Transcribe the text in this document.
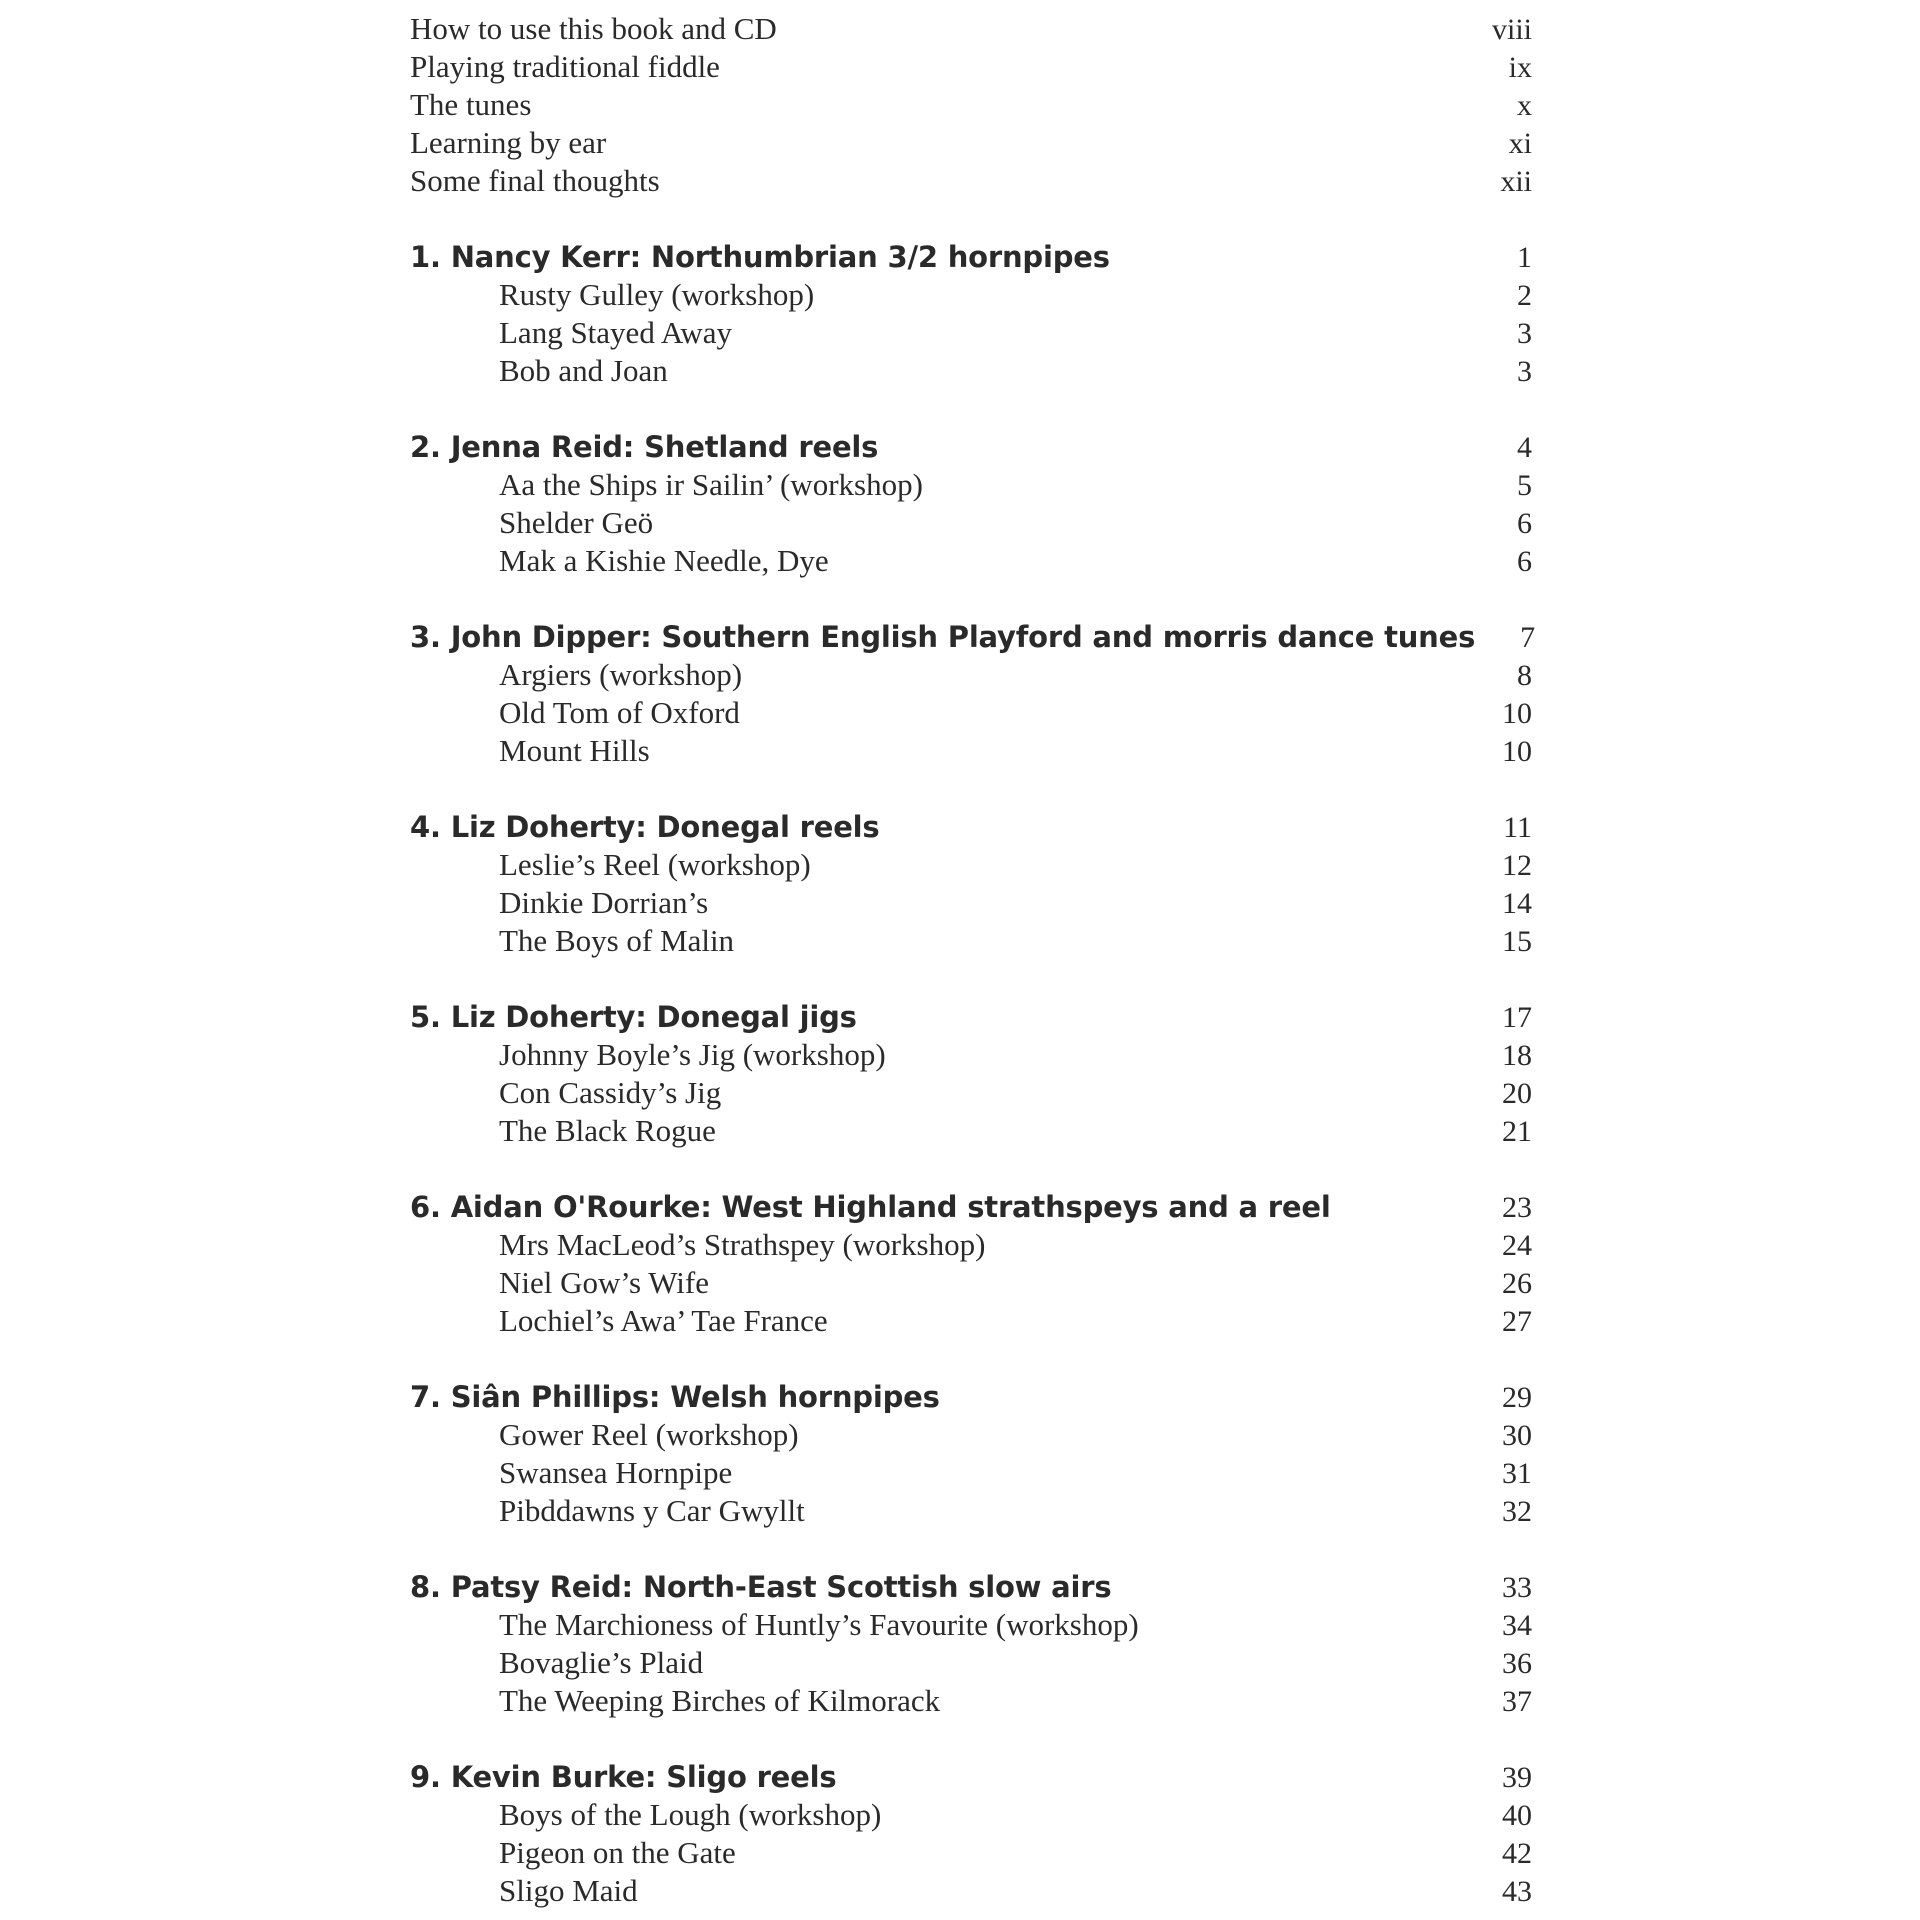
How to use this book and CD	viii
Playing traditional fiddle	ix
The tunes	x
Learning by ear	xi
Some final thoughts	xii
1. Nancy Kerr: Northumbrian 3/2 hornpipes	1
Rusty Gulley (workshop)	2
Lang Stayed Away	3
Bob and Joan	3
2. Jenna Reid: Shetland reels	4
Aa the Ships ir Sailin’ (workshop)	5
Shelder Geö	6
Mak a Kishie Needle, Dye	6
3. John Dipper: Southern English Playford and morris dance tunes	7
Argiers (workshop)	8
Old Tom of Oxford	10
Mount Hills	10
4. Liz Doherty: Donegal reels	11
Leslie’s Reel (workshop)	12
Dinkie Dorrian’s	14
The Boys of Malin	15
5. Liz Doherty: Donegal jigs	17
Johnny Boyle’s Jig (workshop)	18
Con Cassidy’s Jig	20
The Black Rogue	21
6. Aidan O'Rourke: West Highland strathspeys and a reel	23
Mrs MacLeod’s Strathspey (workshop)	24
Niel Gow’s Wife	26
Lochiel’s Awa’ Tae France	27
7. Siân Phillips: Welsh hornpipes	29
Gower Reel (workshop)	30
Swansea Hornpipe	31
Pibddawns y Car Gwyllt	32
8. Patsy Reid: North-East Scottish slow airs	33
The Marchioness of Huntly’s Favourite (workshop)	34
Bovaglie’s Plaid	36
The Weeping Birches of Kilmorack	37
9. Kevin Burke: Sligo reels	39
Boys of the Lough (workshop)	40
Pigeon on the Gate	42
Sligo Maid	43
